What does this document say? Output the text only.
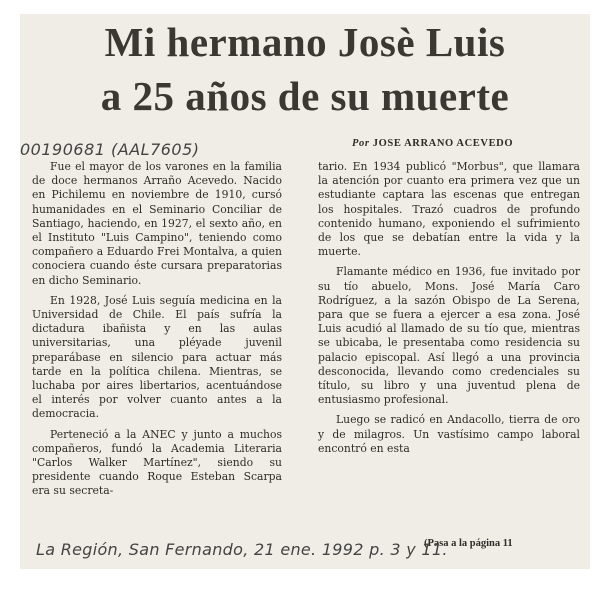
Mi hermano Josè Luis
a 25 años de su muerte
00190681 (AAL7605)	Por JOSE ARRANO ACEVEDO

Fue el mayor de los varones en la familia de doce hermanos Arraño Acevedo. Nacido en Pichilemu en noviembre de 1910, cursó humanidades en el Seminario Conciliar de Santiago, haciendo, en 1927, el sexto año, en el Instituto "Luis Campino", teniendo como compañero a Eduardo Frei Montalva, a quien conociera cuando éste cursara preparatorias en dicho Seminario.

En 1928, José Luis seguía medicina en la Universidad de Chile. El país sufría la dictadura ibañista y en las aulas universitarias, una pléyade juvenil preparábase en silencio para actuar más tarde en la política chilena. Mientras, se luchaba por aires libertarios, acentuándose el interés por volver cuanto antes a la democracia.

Perteneció a la ANEC y junto a muchos compañeros, fundó la Academia Literaria "Carlos Walker Martínez", siendo su presidente cuando Roque Esteban Scarpa era su secreta-

tario. En 1934 publicó "Morbus", que llamara la atención por cuanto era primera vez que un estudiante captara las escenas que entregan los hospitales. Trazó cuadros de profundo contenido humano, exponiendo el sufrimiento de los que se debatían entre la vida y la muerte.

Flamante médico en 1936, fue invitado por su tío abuelo, Mons. José María Caro Rodríguez, a la sazón Obispo de La Serena, para que se fuera a ejercer a esa zona. José Luis acudió al llamado de su tío que, mientras se ubicaba, le presentaba como residencia su palacio episcopal. Así llegó a una provincia desconocida, llevando como credenciales su título, su libro y una juventud plena de entusiasmo profesional.

Luego se radicó en Andacollo, tierra de oro y de milagros. Un vastísimo campo laboral encontró en esta

(Pasa a la página 11
La Región, San Fernando, 21 ene. 1992 p. 3 y 11.
